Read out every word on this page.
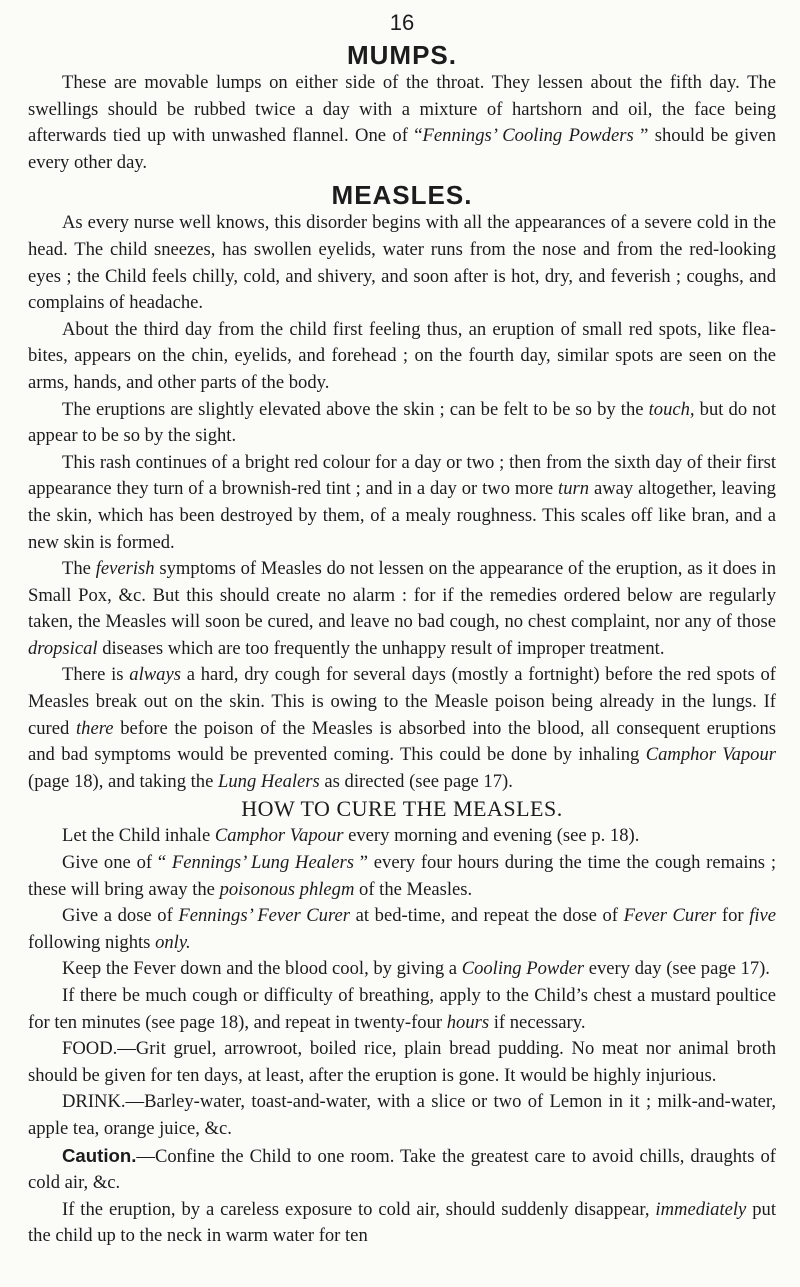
16
MUMPS.

These are movable lumps on either side of the throat. They lessen about the fifth day. The swellings should be rubbed twice a day with a mixture of hartshorn and oil, the face being afterwards tied up with unwashed flannel. One of “Fennings’ Cooling Powders ” should be given every other day.

MEASLES.

As every nurse well knows, this disorder begins with all the appearances of a severe cold in the head. The child sneezes, has swollen eyelids, water runs from the nose and from the red-looking eyes ; the Child feels chilly, cold, and shivery, and soon after is hot, dry, and feverish ; coughs, and complains of headache.

About the third day from the child first feeling thus, an eruption of small red spots, like flea-bites, appears on the chin, eyelids, and forehead ; on the fourth day, similar spots are seen on the arms, hands, and other parts of the body.

The eruptions are slightly elevated above the skin ; can be felt to be so by the touch, but do not appear to be so by the sight.

This rash continues of a bright red colour for a day or two ; then from the sixth day of their first appearance they turn of a brownish-red tint ; and in a day or two more turn away altogether, leaving the skin, which has been destroyed by them, of a mealy roughness. This scales off like bran, and a new skin is formed.

The feverish symptoms of Measles do not lessen on the appearance of the eruption, as it does in Small Pox, &c. But this should create no alarm : for if the remedies ordered below are regularly taken, the Measles will soon be cured, and leave no bad cough, no chest complaint, nor any of those dropsical diseases which are too frequently the unhappy result of improper treatment.

There is always a hard, dry cough for several days (mostly a fortnight) before the red spots of Measles break out on the skin. This is owing to the Measle poison being already in the lungs. If cured there before the poison of the Measles is absorbed into the blood, all consequent eruptions and bad symptoms would be prevented coming. This could be done by inhaling Camphor Vapour (page 18), and taking the Lung Healers as directed (see page 17).

HOW TO CURE THE MEASLES.

Let the Child inhale Camphor Vapour every morning and evening (see p. 18).

Give one of “ Fennings’ Lung Healers ” every four hours during the time the cough remains ; these will bring away the poisonous phlegm of the Measles.

Give a dose of Fennings’ Fever Curer at bed-time, and repeat the dose of Fever Curer for five following nights only.

Keep the Fever down and the blood cool, by giving a Cooling Powder every day (see page 17).

If there be much cough or difficulty of breathing, apply to the Child’s chest a mustard poultice for ten minutes (see page 18), and repeat in twenty-four hours if necessary.

FOOD.—Grit gruel, arrowroot, boiled rice, plain bread pudding. No meat nor animal broth should be given for ten days, at least, after the eruption is gone. It would be highly injurious.

DRINK.—Barley-water, toast-and-water, with a slice or two of Lemon in it ; milk-and-water, apple tea, orange juice, &c.

Caution.—Confine the Child to one room. Take the greatest care to avoid chills, draughts of cold air, &c.

If the eruption, by a careless exposure to cold air, should suddenly disappear, immediately put the child up to the neck in warm water for ten
